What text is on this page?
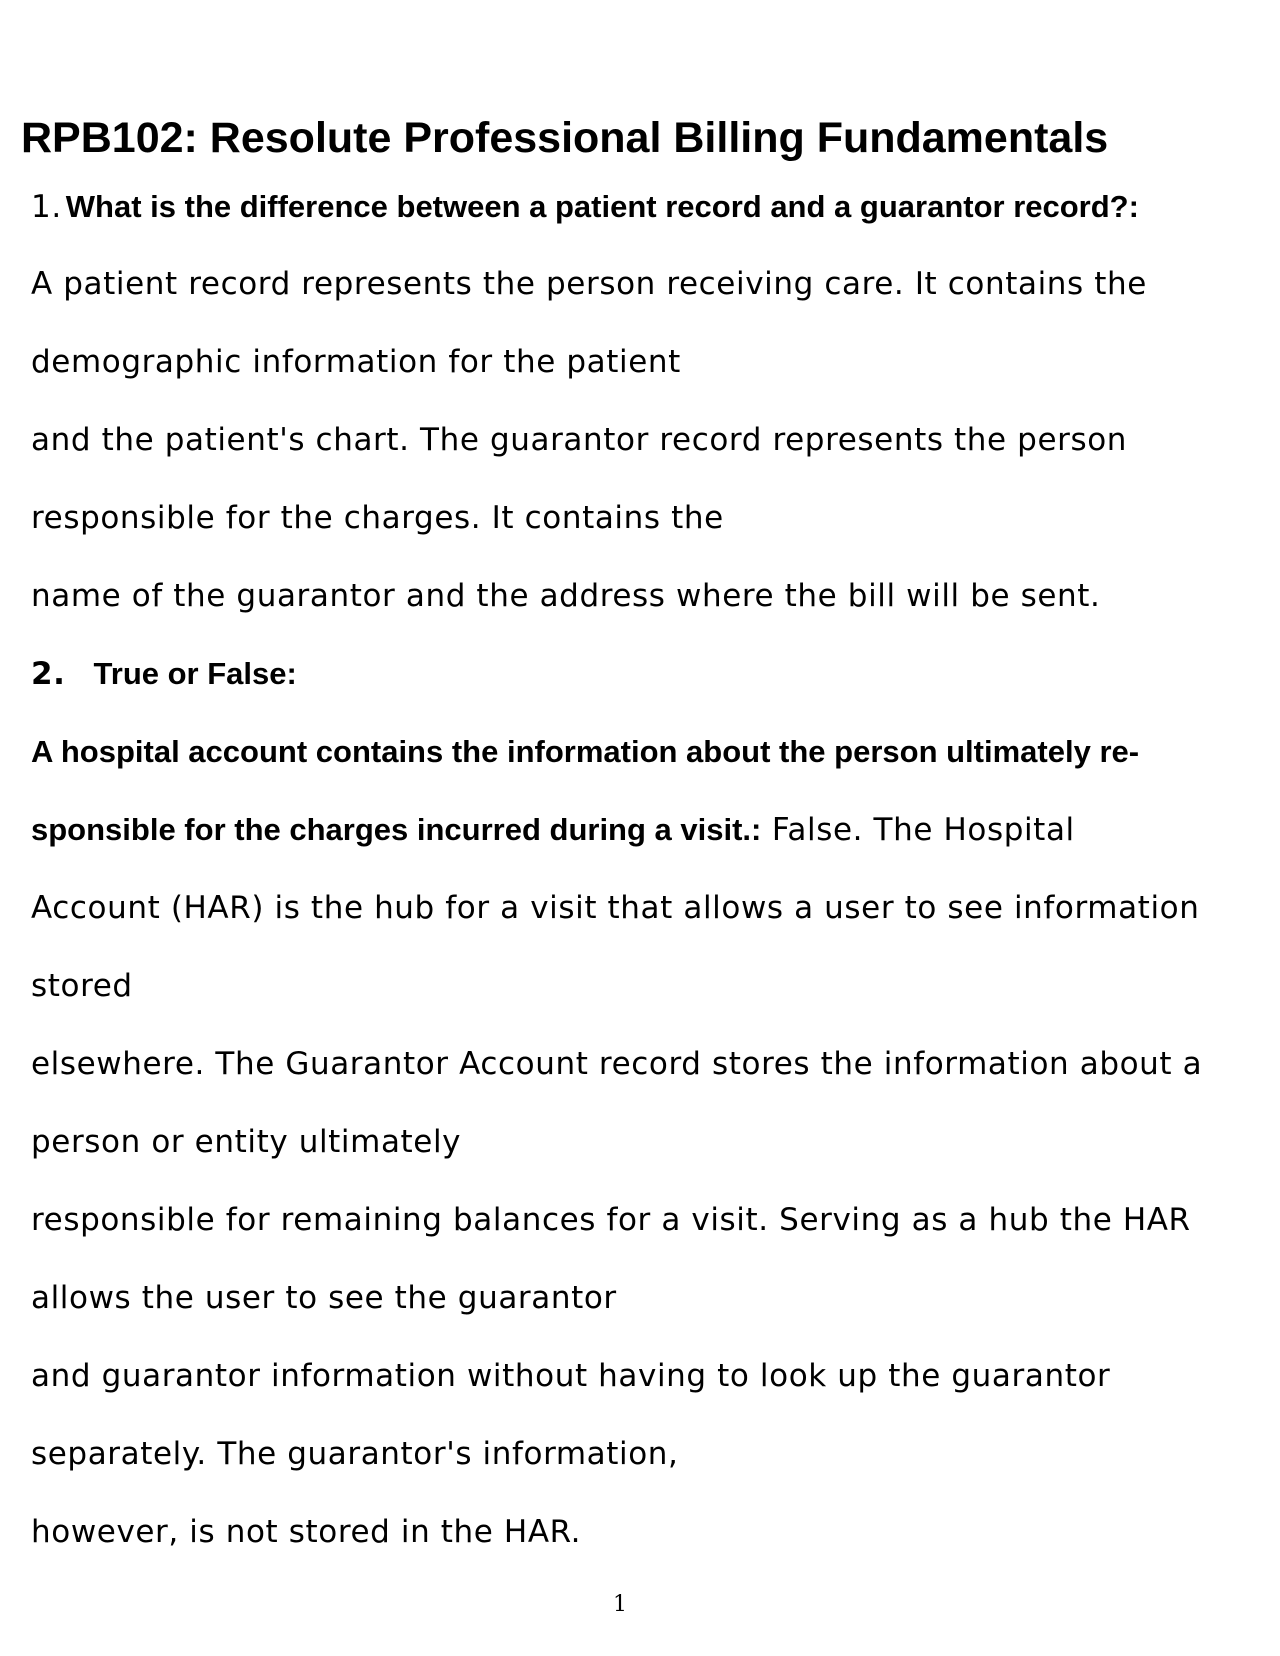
RPB102: Resolute Professional Billing Fundamentals

1. What is the difference between a patient record and a guarantor record?:

A patient record represents the person receiving care. It contains the

demographic information for the patient

and the patient's chart. The guarantor record represents the person

responsible for the charges. It contains the

name of the guarantor and the address where the bill will be sent.

2. True or False:

A hospital account contains the information about the person ultimately re-

sponsible for the charges incurred during a visit.: False. The Hospital

Account (HAR) is the hub for a visit that allows a user to see information

stored

elsewhere. The Guarantor Account record stores the information about a

person or entity ultimately

responsible for remaining balances for a visit. Serving as a hub the HAR

allows the user to see the guarantor

and guarantor information without having to look up the guarantor

separately. The guarantor's information,

however, is not stored in the HAR.

1
